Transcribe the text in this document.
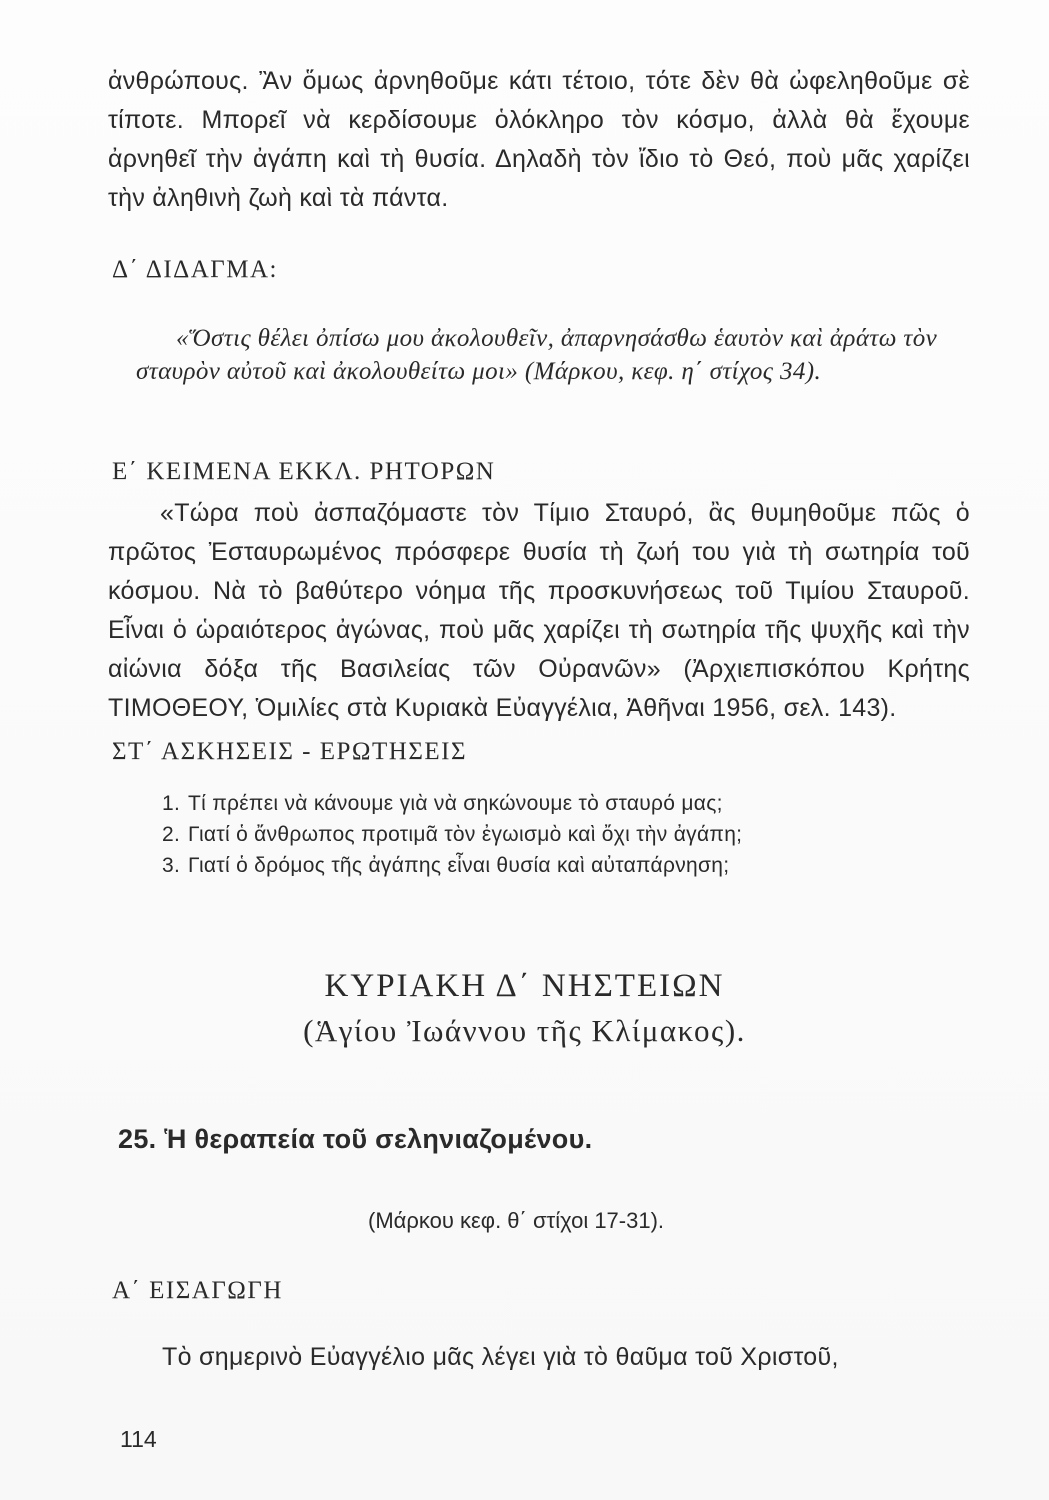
ἀνθρώπους. Ἂν ὅμως ἀρνηθοῦμε κάτι τέτοιο, τότε δὲν θὰ ὠφεληθοῦμε σὲ τίποτε. Μπορεῖ νὰ κερδίσουμε ὁλόκληρο τὸν κόσμο, ἀλλὰ θὰ ἔχουμε ἀρνηθεῖ τὴν ἀγάπη καὶ τὴ θυσία. Δηλαδὴ τὸν ἴδιο τὸ Θεό, ποὺ μᾶς χαρίζει τὴν ἀληθινὴ ζωὴ καὶ τὰ πάντα.

Δ΄ ΔΙΔΑΓΜΑ:

«Ὅστις θέλει ὀπίσω μου ἀκολουθεῖν, ἀπαρνησάσθω ἑαυτὸν καὶ ἀράτω τὸν σταυρὸν αὐτοῦ καὶ ἀκολουθείτω μοι» (Μάρκου, κεφ. η΄ στίχος 34).

Ε΄ ΚΕΙΜΕΝΑ ΕΚΚΛ. ΡΗΤΟΡΩΝ

«Τώρα ποὺ ἀσπαζόμαστε τὸν Τίμιο Σταυρό, ἂς θυμηθοῦμε πῶς ὁ πρῶτος Ἐσταυρωμένος πρόσφερε θυσία τὴ ζωή του γιὰ τὴ σωτηρία τοῦ κόσμου. Νὰ τὸ βαθύτερο νόημα τῆς προσκυνήσεως τοῦ Τιμίου Σταυροῦ. Εἶναι ὁ ὡραιότερος ἀγώνας, ποὺ μᾶς χαρίζει τὴ σωτηρία τῆς ψυχῆς καὶ τὴν αἰώνια δόξα τῆς Βασιλείας τῶν Οὐρανῶν» (Ἀρχιεπισκόπου Κρήτης ΤΙΜΟΘΕΟΥ, Ὁμιλίες στὰ Κυριακὰ Εὐαγγέλια, Ἀθῆναι 1956, σελ. 143).

ΣΤ΄ ΑΣΚΗΣΕΙΣ - ΕΡΩΤΗΣΕΙΣ
1. Τί πρέπει νὰ κάνουμε γιὰ νὰ σηκώνουμε τὸ σταυρό μας;
2. Γιατί ὁ ἄνθρωπος προτιμᾶ τὸν ἐγωισμὸ καὶ ὄχι τὴν ἀγάπη;
3. Γιατί ὁ δρόμος τῆς ἀγάπης εἶναι θυσία καὶ αὐταπάρνηση;
ΚΥΡΙΑΚΗ Δ΄ ΝΗΣΤΕΙΩΝ

(Ἁγίου Ἰωάννου τῆς Κλίμακος).

25. Ἡ θεραπεία τοῦ σεληνιαζομένου.

(Μάρκου κεφ. θ΄ στίχοι 17-31).

Α΄ ΕΙΣΑΓΩΓΗ

Τὸ σημερινὸ Εὐαγγέλιο μᾶς λέγει γιὰ τὸ θαῦμα τοῦ Χριστοῦ,

114
